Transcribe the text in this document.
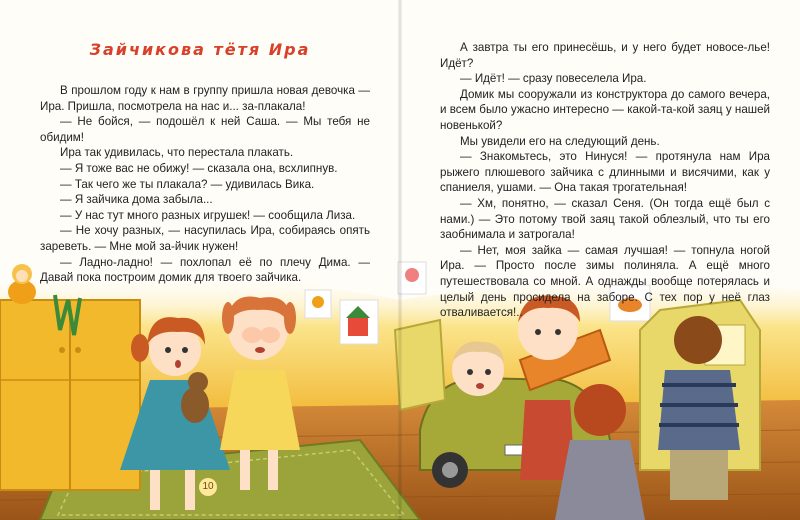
Зайчикова тётя Ира

В прошлом году к нам в группу пришла новая девочка — Ира. Пришла, посмотрела на нас и... за-плакала!

— Не бойся, — подошёл к ней Саша. — Мы тебя не обидим!

Ира так удивилась, что перестала плакать.

— Я тоже вас не обижу! — сказала она, всхлипнув.

— Так чего же ты плакала? — удивилась Вика.

— Я зайчика дома забыла...

— У нас тут много разных игрушек! — сообщила Лиза.

— Не хочу разных, — насупилась Ира, собираясь опять зареветь. — Мне мой за-йчик нужен!

— Ладно-ладно! — похлопал её по плечу Дима. — Давай пока построим домик для твоего зайчика.

А завтра ты его принесёшь, и у него будет новосе-лье! Идёт?

— Идёт! — сразу повеселела Ира.

Домик мы сооружали из конструктора до самого вечера, и всем было ужасно интересно — какой-та-кой заяц у нашей новенькой?

Мы увидели его на следующий день.

— Знакомьтесь, это Нинуся! — протянула нам Ира рыжего плюшевого зайчика с длинными и висячими, как у спаниеля, ушами. — Она такая трогательная!

— Хм, понятно, — сказал Сеня. (Он тогда ещё был с нами.) — Это потому твой заяц такой облезлый, что ты его зaобнимала и затрогала!

— Нет, моя зайка — самая лучшая! — топнула ногой Ира. — Просто после зимы полиняла. А ещё много путешествовала со мной. А однажды вообще потерялась и целый день просидела на заборе. С тех пор у неё глаз отваливается!..

10
